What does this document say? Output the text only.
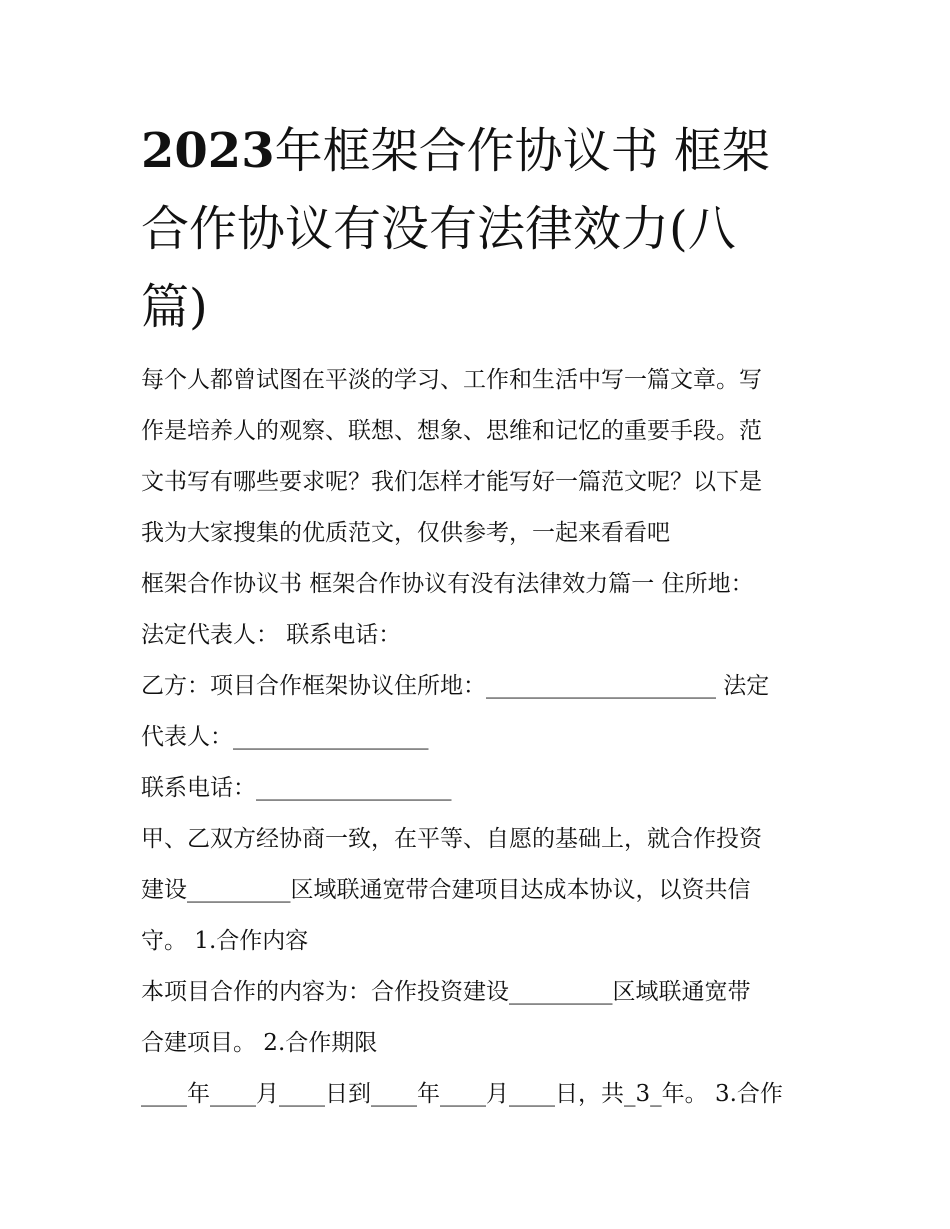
2023年框架合作协议书 框架
合作协议有没有法律效力(八
篇)
每个人都曾试图在平淡的学习、工作和生活中写一篇文章。写
作是培养人的观察、联想、想象、思维和记忆的重要手段。范
文书写有哪些要求呢？我们怎样才能写好一篇范文呢？以下是
我为大家搜集的优质范文，仅供参考，一起来看看吧
框架合作协议书 框架合作协议有没有法律效力篇一 住所地：
法定代表人： 联系电话：
乙方：项目合作框架协议住所地：____________________ 法定
代表人：_________________
联系电话：_________________
甲、乙双方经协商一致，在平等、自愿的基础上，就合作投资
建设_________区域联通宽带合建项目达成本协议，以资共信
守。 1.合作内容
本项目合作的内容为：合作投资建设_________区域联通宽带
合建项目。 2.合作期限
____年____月____日到____年____月____日，共_3_年。 3.合作
